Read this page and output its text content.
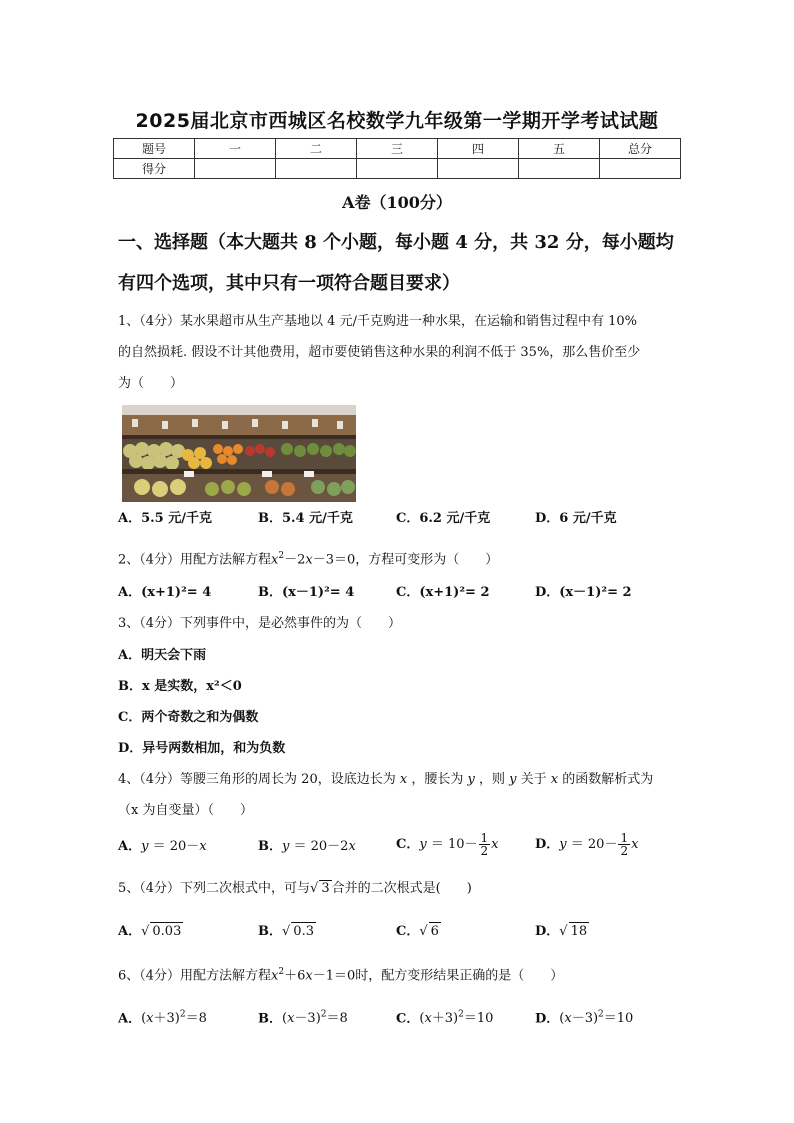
2025届北京市西城区名校数学九年级第一学期开学考试试题
题号	一	二	三	四	五	总分
得分						
A卷（100分）
一、选择题（本大题共 8 个小题，每小题 4 分，共 32 分，每小题均
有四个选项，其中只有一项符合题目要求）
1、（4分）某水果超市从生产基地以 4 元/千克购进一种水果，在运输和销售过程中有 10%
的自然损耗. 假设不计其他费用，超市要使销售这种水果的利润不低于 35%，那么售价至少
为（　　）
A．5.5 元/千克	B．5.4 元/千克	C．6.2 元/千克	D．6 元/千克
2、（4分）用配方法解方程$x^2-2x-3=0$，方程可变形为（　　）
A．(x+1)²= 4	B．(x－1)²= 4	C．(x+1)²= 2	D．(x－1)²= 2
3、（4分）下列事件中，是必然事件的为（　　）
A．明天会下雨
B．x 是实数，x²＜0
C．两个奇数之和为偶数
D．异号两数相加，和为负数
4、（4分）等腰三角形的周长为 20，设底边长为 x ，腰长为 y ，则 y 关于 x 的函数解析式为
（x 为自变量）（　　）
A．y ＝ 20－x	B．y ＝ 20－2x	C．$y = 10- \frac{1}{2}$ x	D．$y = 20- \frac{1}{2}$ x
5、（4分）下列二次根式中，可与√ 3 合并的二次根式是(　　)
A．√ 0.03	B．√ 0.3	C．√ 6	D．√ 18
6、（4分）用配方法解方程$x^2+6x-1=0$时，配方变形结果正确的是（　　）
A．$(x+3)^2=8$	B．$(x-3)^2=8$	C．$(x+3)^2=10$	D．$(x-3)^2=10$
